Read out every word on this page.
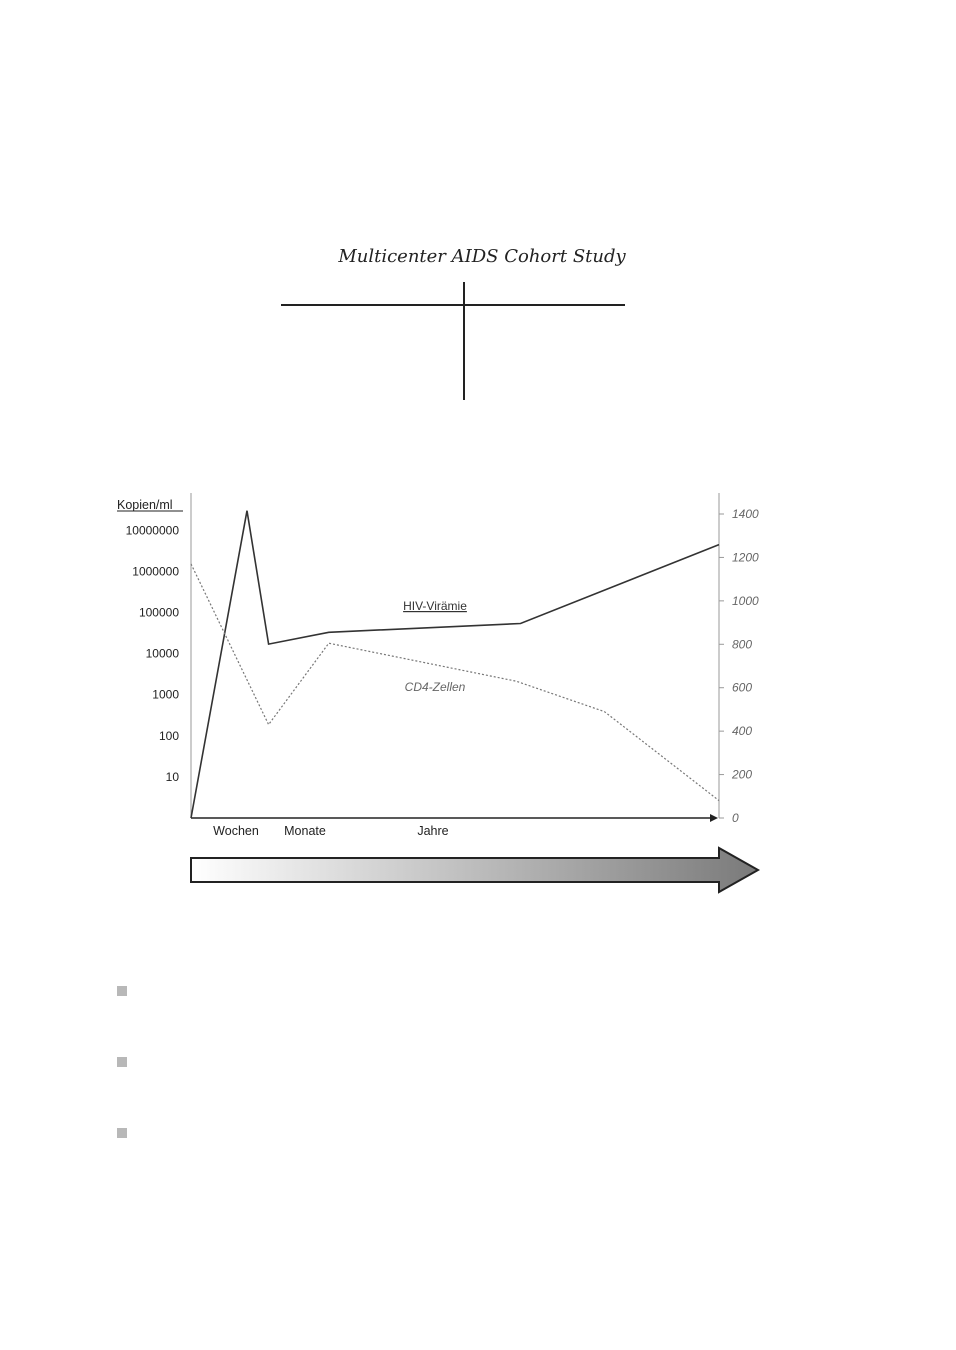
Multicenter AIDS Cohort Study
Kopien/ml
10
100
1000
10000
100000
1000000
10000000
0
200
400
600
800
1000
1200
1400
HIV-Virämie
CD4-Zellen
Wochen Monate	Jahre
